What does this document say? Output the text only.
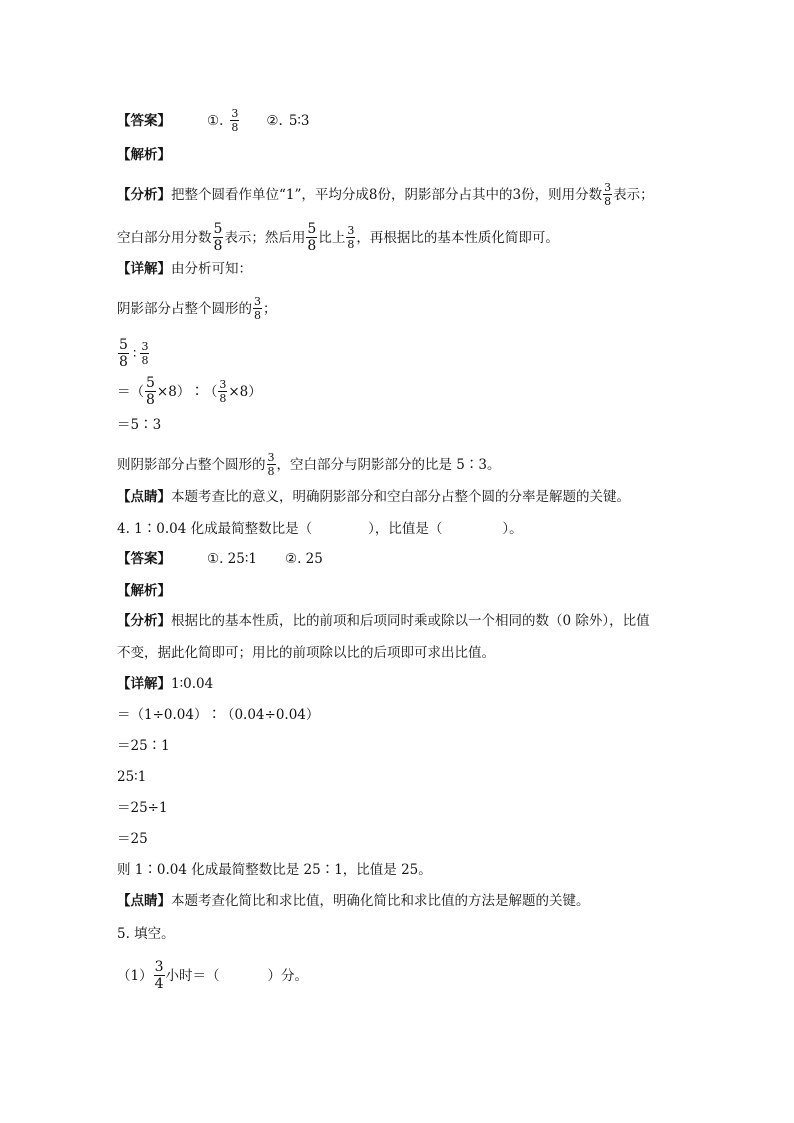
【答案】	①. $\frac{3}{8}$ ②. 5∶3
【解析】
【分析】 把整个圆看作单位“1”，平均分成8份，阴影部分占其中的3份，则用分数 $\frac{3}{8}$ 表示；
空白部分用分数 $\frac{5}{8}$ 表示；然后用 $\frac{5}{8}$ 比上 $\frac{3}{8}$ ，再根据比的基本性质化简即可。
【详解】 由分析可知：
阴影部分占整个圆形的 $\frac{3}{8}$ ；
$\frac{5}{8}$ ∶ $\frac{3}{8}$
＝（ $\frac{5}{8}$ ×8）∶（ $\frac{3}{8} \times 8$）
＝5∶3
则阴影部分占整个圆形的 $\frac{3}{8}$ ，空白部分与阴影部分的比是 5∶3。
【点睛】 本题考查比的意义，明确阴影部分和空白部分占整个圆的分率是解题的关键。
4. 1∶0.04 化成最简整数比是（	），比值是（	）。
【答案】	①. 25∶1 ②. 25
【解析】
【分析】 根据比的基本性质，比的前项和后项同时乘或除以一个相同的数（0 除外），比值
不变，据此化简即可；用比的前项除以比的后项即可求出比值。
【详解】 1∶0.04
＝（1÷0.04）∶（0.04÷0.04）
＝25∶1
25∶1
＝25÷1
＝25
则 1∶0.04 化成最简整数比是 25∶1，比值是 25。
【点睛】 本题考查化简比和求比值，明确化简比和求比值的方法是解题的关键。
5. 填空。
$(1) \frac{3}{4}$ 小时＝（	）分。
